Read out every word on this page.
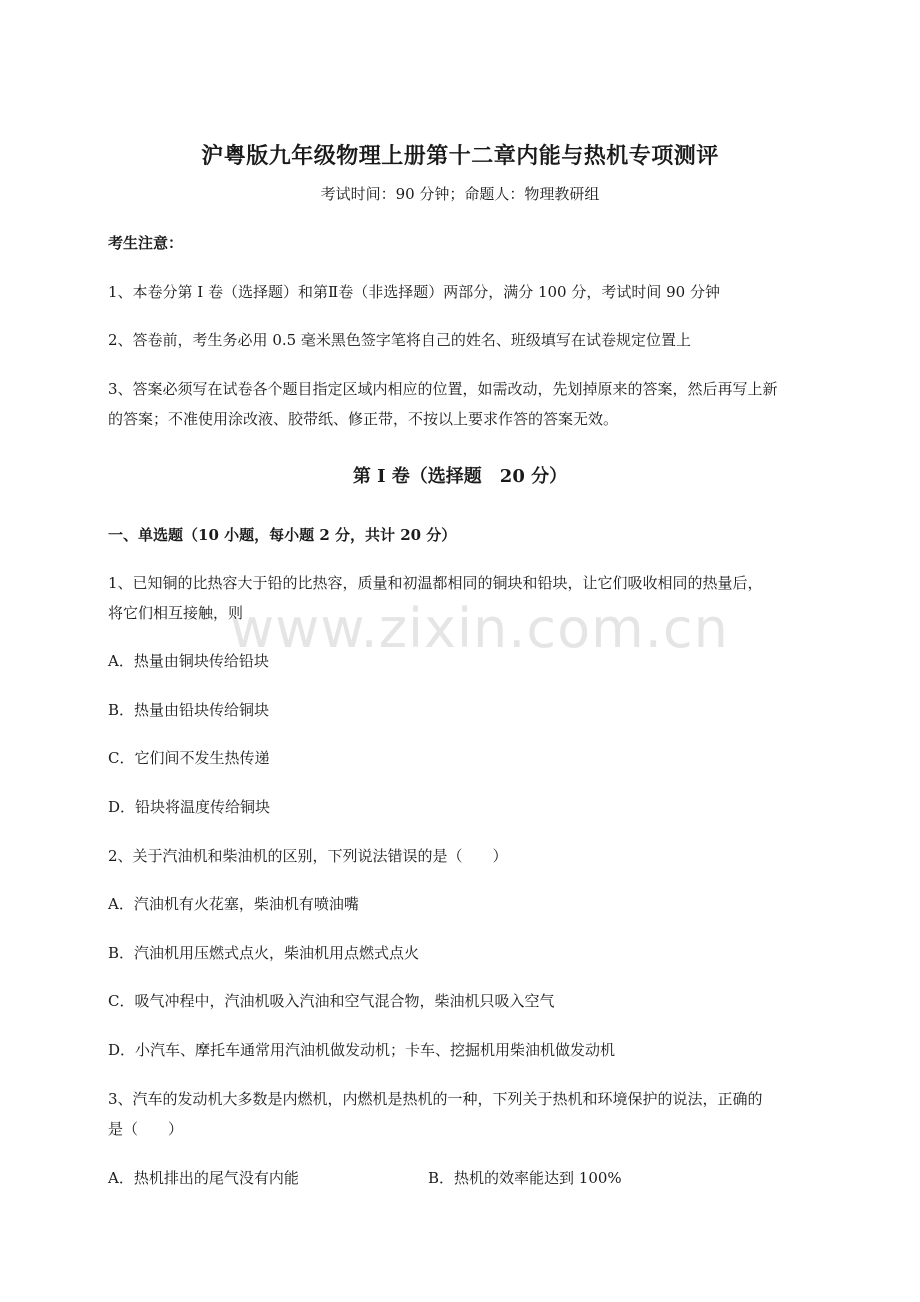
沪粤版九年级物理上册第十二章内能与热机专项测评
考试时间：90 分钟；命题人：物理教研组
考生注意：
1、本卷分第 I 卷（选择题）和第Ⅱ卷（非选择题）两部分，满分 100 分，考试时间 90 分钟
2、答卷前，考生务必用 0.5 毫米黑色签字笔将自己的姓名、班级填写在试卷规定位置上
3、答案必须写在试卷各个题目指定区域内相应的位置，如需改动，先划掉原来的答案，然后再写上新
的答案；不准使用涂改液、胶带纸、修正带，不按以上要求作答的答案无效。
第 I 卷（选择题　20 分）
一、单选题（10 小题，每小题 2 分，共计 20 分）
1、已知铜的比热容大于铅的比热容，质量和初温都相同的铜块和铅块，让它们吸收相同的热量后，
将它们相互接触，则
A．热量由铜块传给铅块
B．热量由铅块传给铜块
C．它们间不发生热传递
D．铅块将温度传给铜块
2、关于汽油机和柴油机的区别，下列说法错误的是（　　）
A．汽油机有火花塞，柴油机有喷油嘴
B．汽油机用压燃式点火，柴油机用点燃式点火
C．吸气冲程中，汽油机吸入汽油和空气混合物，柴油机只吸入空气
D．小汽车、摩托车通常用汽油机做发动机；卡车、挖掘机用柴油机做发动机
3、汽车的发动机大多数是内燃机，内燃机是热机的一种，下列关于热机和环境保护的说法，正确的
是（　　）
A．热机排出的尾气没有内能	B．热机的效率能达到 100%
www.zixin.com.cn
